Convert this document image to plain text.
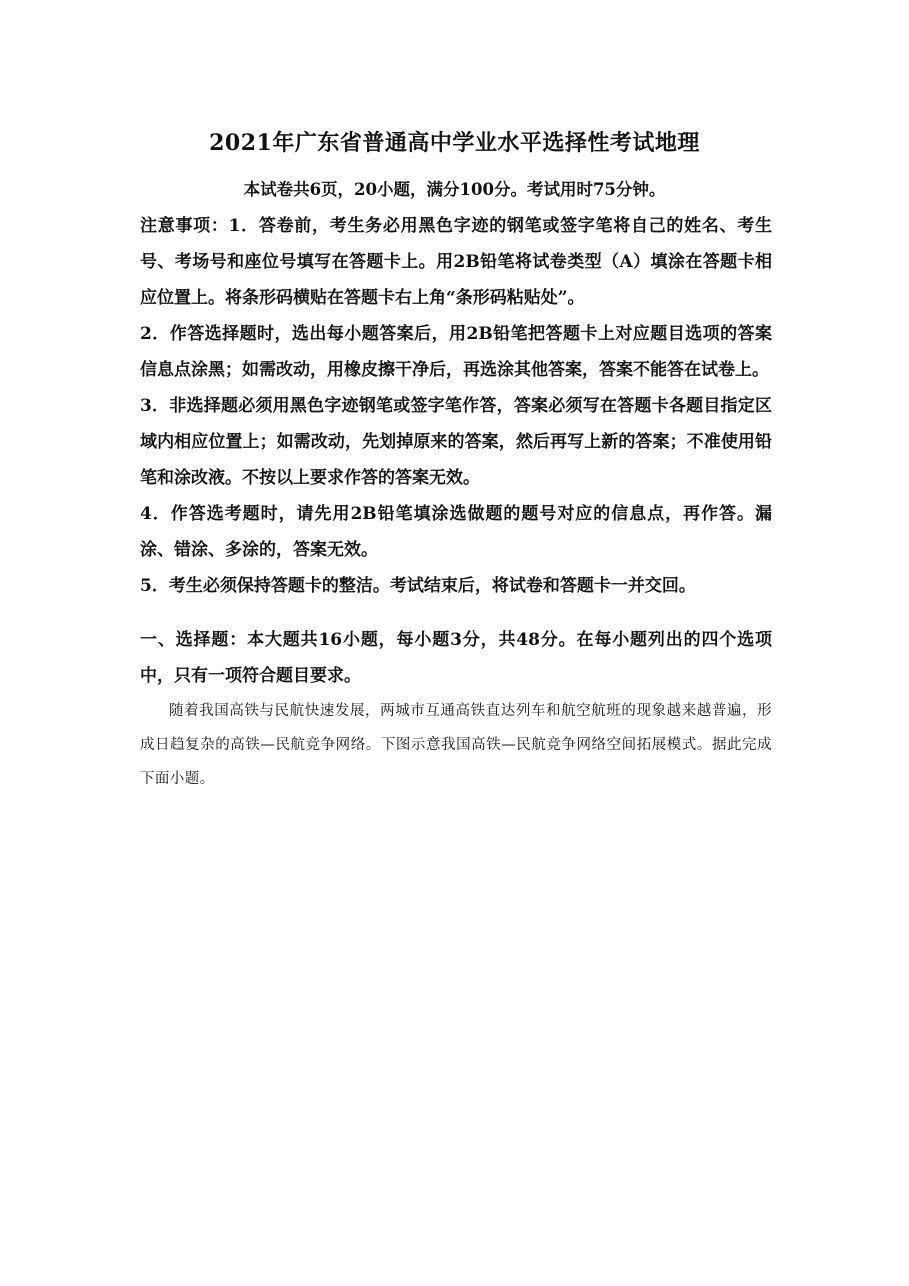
2021年广东省普通高中学业水平选择性考试地理
本试卷共6页，20小题，满分100分。考试用时75分钟。

注意事项：1．答卷前，考生务必用黑色字迹的钢笔或签字笔将自己的姓名、考生号、考场号和座位号填写在答题卡上。用2B铅笔将试卷类型（A）填涂在答题卡相应位置上。将条形码横贴在答题卡右上角“条形码粘贴处”。

2．作答选择题时，选出每小题答案后，用2B铅笔把答题卡上对应题目选项的答案信息点涂黑；如需改动，用橡皮擦干净后，再选涂其他答案，答案不能答在试卷上。

3．非选择题必须用黑色字迹钢笔或签字笔作答，答案必须写在答题卡各题目指定区域内相应位置上；如需改动，先划掉原来的答案，然后再写上新的答案；不准使用铅笔和涂改液。不按以上要求作答的答案无效。

4．作答选考题时，请先用2B铅笔填涂选做题的题号对应的信息点，再作答。漏涂、错涂、多涂的，答案无效。

5．考生必须保持答题卡的整洁。考试结束后，将试卷和答题卡一并交回。

一、选择题：本大题共16小题，每小题3分，共48分。在每小题列出的四个选项中，只有一项符合题目要求。
随着我国高铁与民航快速发展，两城市互通高铁直达列车和航空航班的现象越来越普遍，形成日趋复杂的高铁—民航竞争网络。下图示意我国高铁—民航竞争网络空间拓展模式。据此完成下面小题。
